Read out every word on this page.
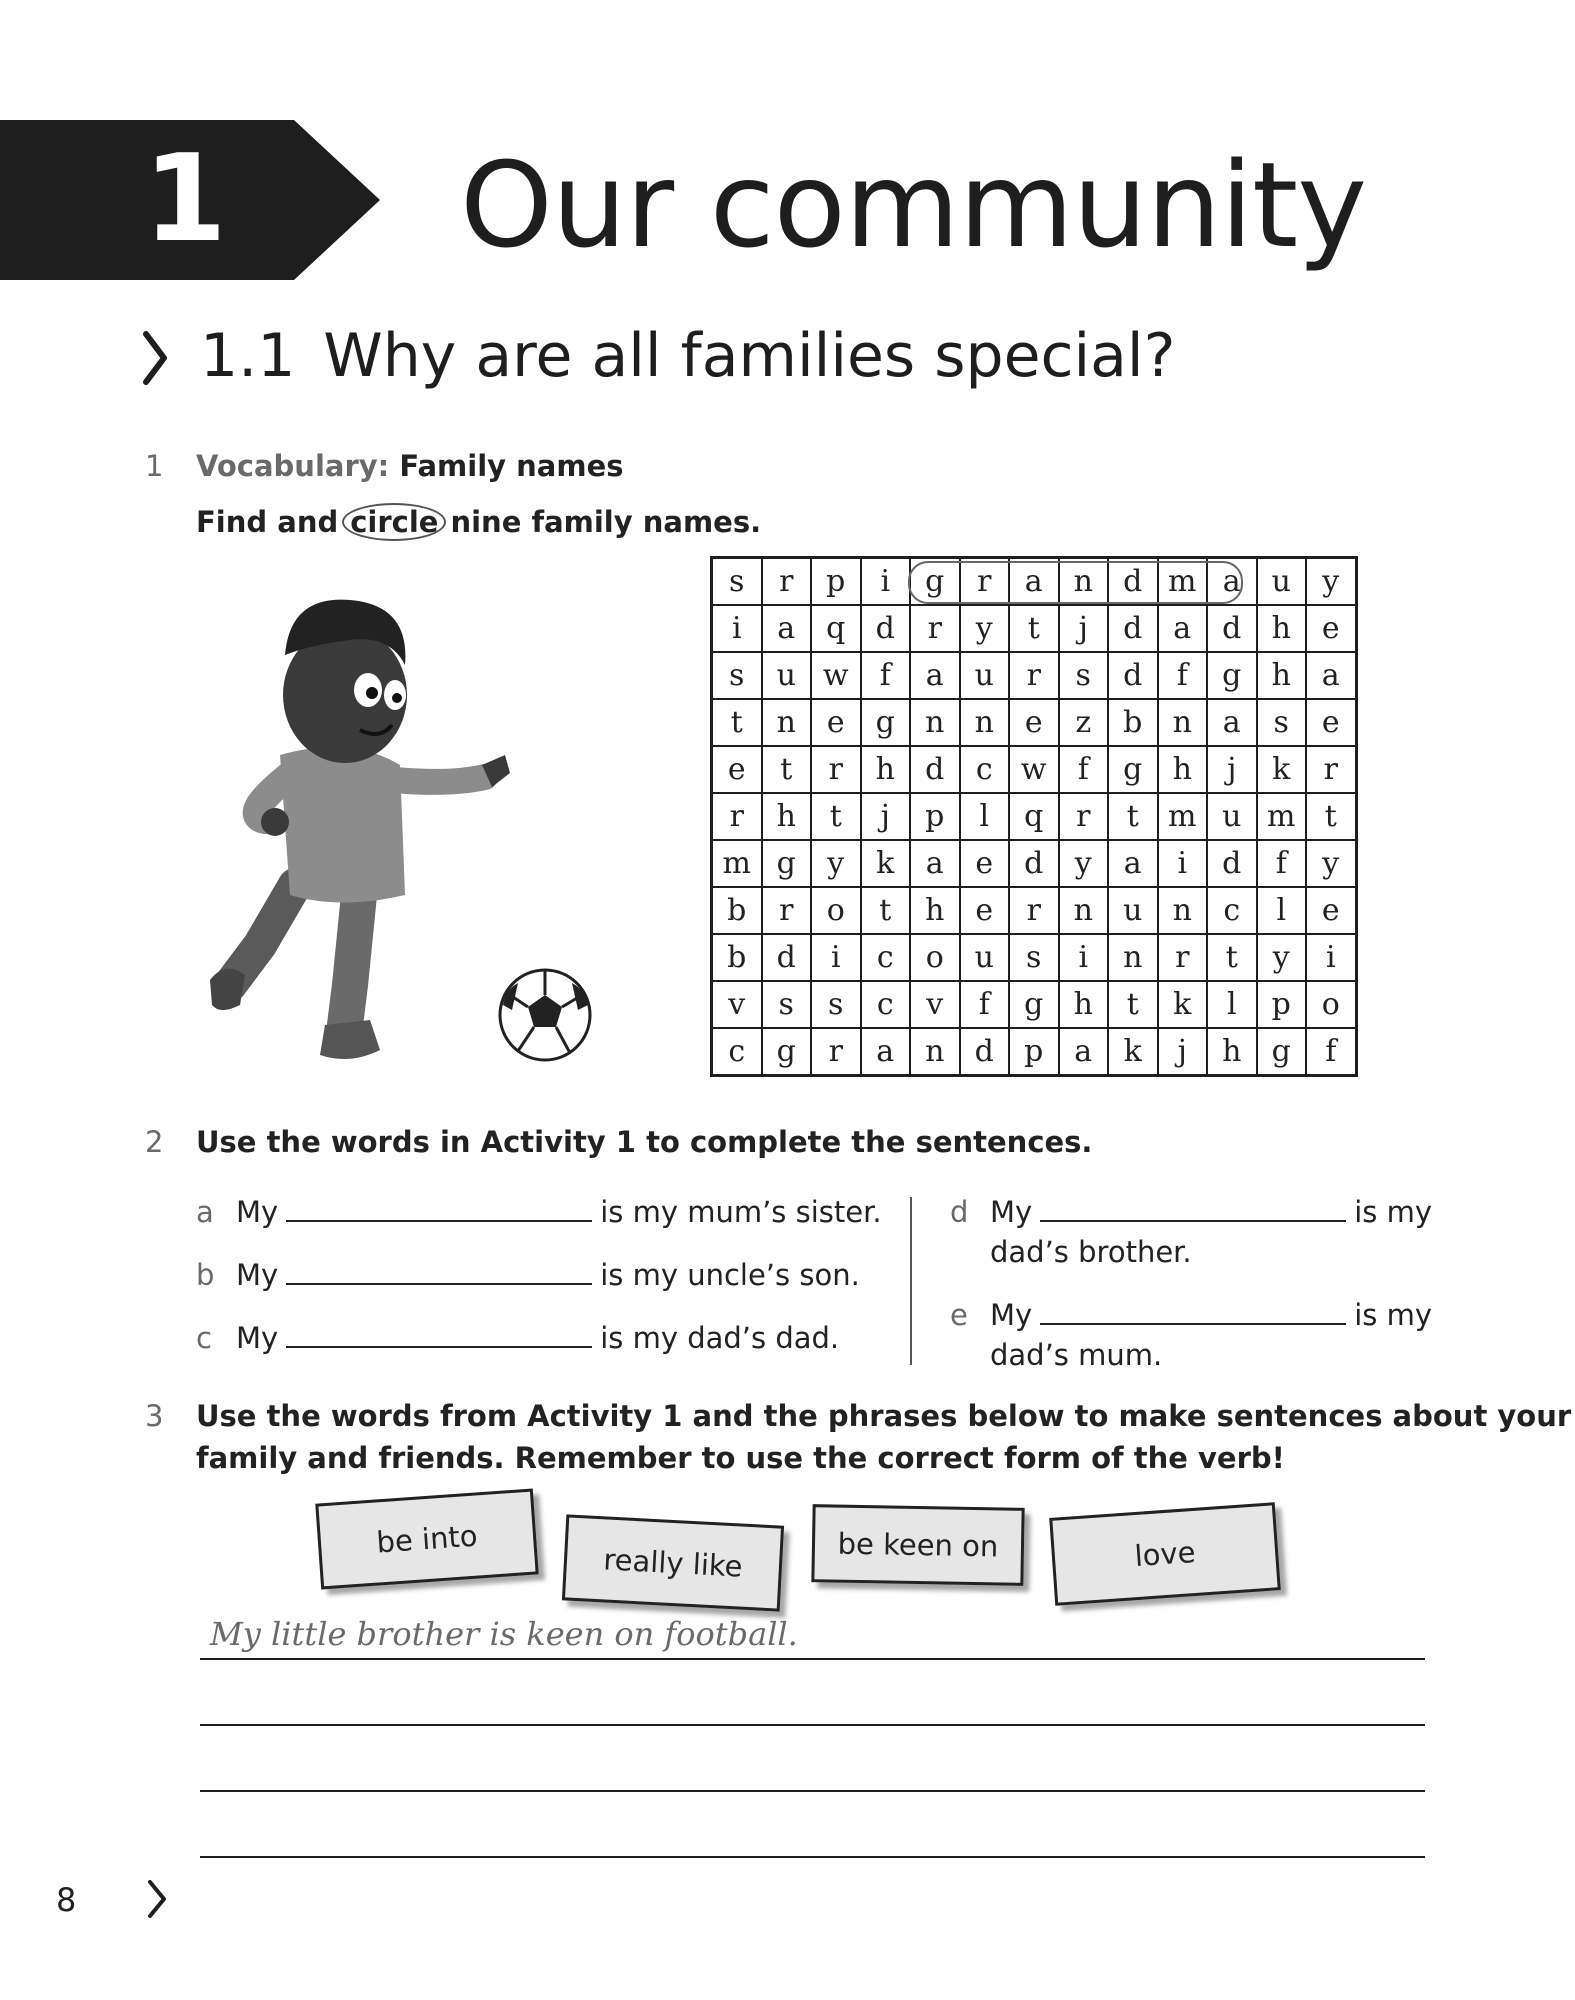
1	Our community
1.1 Why are all families special?
1 Vocabulary: Family names
Find and circle nine family names.
s	r	p	i	g	r	a	n	d	m	a	u	y
i	a	q	d	r	y	t	j	d	a	d	h	e
s	u	w	f	a	u	r	s	d	f	g	h	a
t	n	e	g	n	n	e	z	b	n	a	s	e
e	t	r	h	d	c	w	f	g	h	j	k	r
r	h	t	j	p	l	q	r	t	m	u	m	t
m	g	y	k	a	e	d	y	a	i	d	f	y
b	r	o	t	h	e	r	n	u	n	c	l	e
b	d	i	c	o	u	s	i	n	r	t	y	i
v	s	s	c	v	f	g	h	t	k	l	p	o
c	g	r	a	n	d	p	a	k	j	h	g	f
2 Use the words in Activity 1 to complete the sentences.
a My	is my mum’s sister.
b My	is my uncle’s son.
c My	is my dad’s dad.
d My	is my
dad’s brother.
e My	is my
dad’s mum.
3 Use the words from Activity 1 and the phrases below to make sentences about your
family and friends. Remember to use the correct form of the verb!
be into
really like	be keen on	love
My little brother is keen on football.
8
